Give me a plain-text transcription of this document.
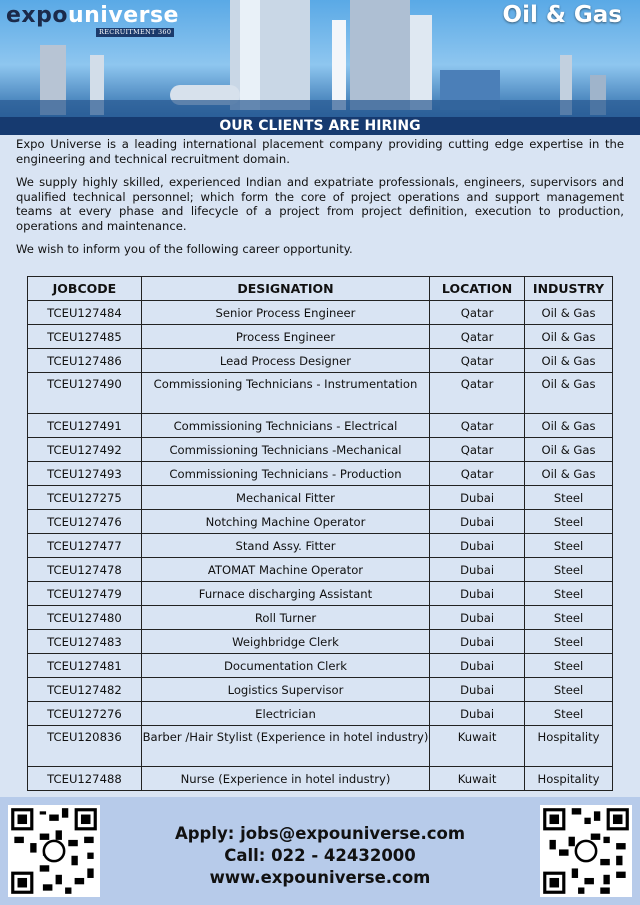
expouniverse
RECRUITMENT 360
Oil & Gas
OUR CLIENTS ARE HIRING

Expo Universe is a leading international placement company providing cutting edge expertise in the engineering and technical recruitment domain.

We supply highly skilled, experienced Indian and expatriate professionals, engineers, supervisors and qualified technical personnel; which form the core of project operations and support management teams at every phase and lifecycle of a project from project definition, execution to production, operations and maintenance.

We wish to inform you of the following career opportunity.

JOBCODE	DESIGNATION	LOCATION	INDUSTRY
TCEU127484	Senior Process Engineer	Qatar	Oil & Gas
TCEU127485	Process Engineer	Qatar	Oil & Gas
TCEU127486	Lead Process Designer	Qatar	Oil & Gas
TCEU127490	Commissioning Technicians - Instrumentation	Qatar	Oil & Gas
TCEU127491	Commissioning Technicians - Electrical	Qatar	Oil & Gas
TCEU127492	Commissioning Technicians -Mechanical	Qatar	Oil & Gas
TCEU127493	Commissioning Technicians - Production	Qatar	Oil & Gas
TCEU127275	Mechanical Fitter	Dubai	Steel
TCEU127476	Notching Machine Operator	Dubai	Steel
TCEU127477	Stand Assy. Fitter	Dubai	Steel
TCEU127478	ATOMAT Machine Operator	Dubai	Steel
TCEU127479	Furnace discharging Assistant	Dubai	Steel
TCEU127480	Roll Turner	Dubai	Steel
TCEU127483	Weighbridge Clerk	Dubai	Steel
TCEU127481	Documentation Clerk	Dubai	Steel
TCEU127482	Logistics Supervisor	Dubai	Steel
TCEU127276	Electrician	Dubai	Steel
TCEU120836	Barber /Hair Stylist (Experience in hotel industry)	Kuwait	Hospitality
TCEU127488	Nurse (Experience in hotel industry)	Kuwait	Hospitality
Apply: jobs@expouniverse.com
Call: 022 - 42432000
www.expouniverse.com
